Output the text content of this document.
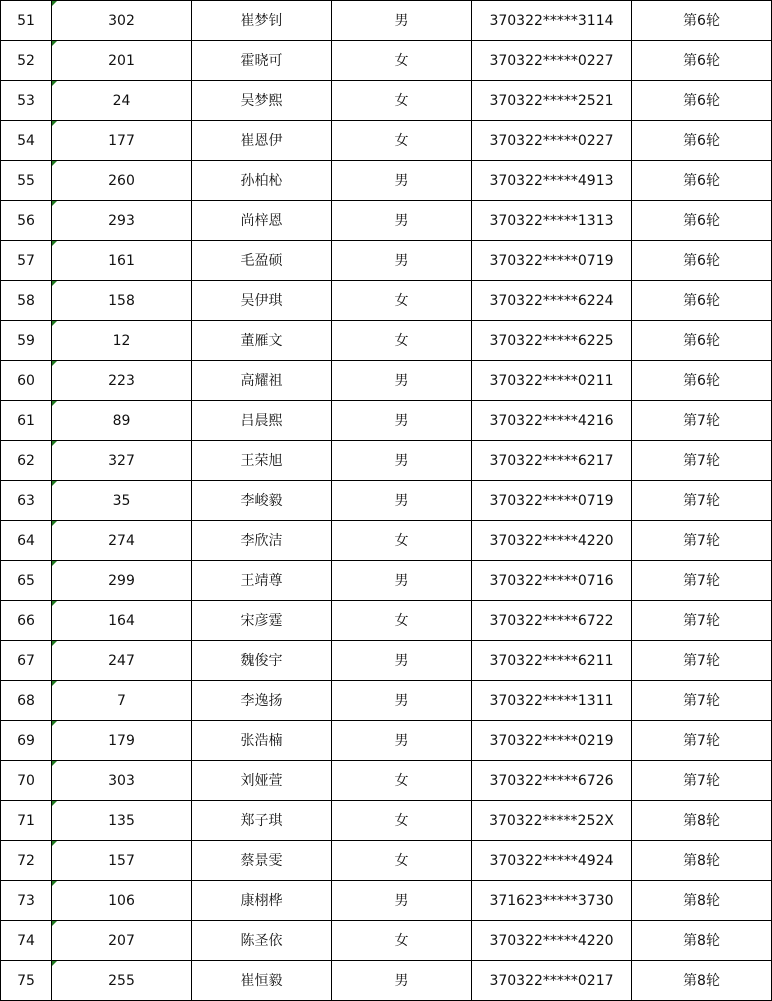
51	302	崔梦钊	男	370322*****3114	第6轮
52	201	霍晓可	女	370322*****0227	第6轮
53	24	吴梦熙	女	370322*****2521	第6轮
54	177	崔恩伊	女	370322*****0227	第6轮
55	260	孙柏杺	男	370322*****4913	第6轮
56	293	尚梓恩	男	370322*****1313	第6轮
57	161	毛盈硕	男	370322*****0719	第6轮
58	158	吴伊琪	女	370322*****6224	第6轮
59	12	董雁文	女	370322*****6225	第6轮
60	223	高耀祖	男	370322*****0211	第6轮
61	89	吕晨熙	男	370322*****4216	第7轮
62	327	王荣旭	男	370322*****6217	第7轮
63	35	李峻毅	男	370322*****0719	第7轮
64	274	李欣洁	女	370322*****4220	第7轮
65	299	王靖尊	男	370322*****0716	第7轮
66	164	宋彦霆	女	370322*****6722	第7轮
67	247	魏俊宇	男	370322*****6211	第7轮
68	7	李逸扬	男	370322*****1311	第7轮
69	179	张浩楠	男	370322*****0219	第7轮
70	303	刘娅萱	女	370322*****6726	第7轮
71	135	郑子琪	女	370322*****252X	第8轮
72	157	蔡景雯	女	370322*****4924	第8轮
73	106	康栩桦	男	371623*****3730	第8轮
74	207	陈圣依	女	370322*****4220	第8轮
75	255	崔恒毅	男	370322*****0217	第8轮
